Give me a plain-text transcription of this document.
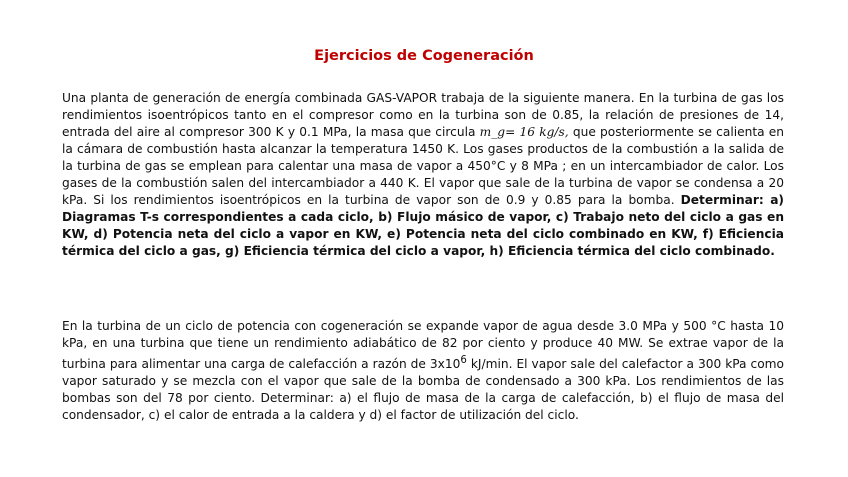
Ejercicios de Cogeneración
Una planta de generación de energía combinada GAS-VAPOR trabaja de la siguiente manera. En la turbina de gas los rendimientos isoentrópicos tanto en el compresor como en la turbina son de 0.85, la relación de presiones de 14, entrada del aire al compresor 300 K y 0.1 MPa, la masa que circula m_g= 16 kg/s, que posteriormente se calienta en la cámara de combustión hasta alcanzar la temperatura 1450 K. Los gases productos de la combustión a la salida de la turbina de gas se emplean para calentar una masa de vapor a 450°C y 8 MPa ; en un intercambiador de calor. Los gases de la combustión salen del intercambiador a 440 K. El vapor que sale de la turbina de vapor se condensa a 20 kPa. Si los rendimientos isoentrópicos en la turbina de vapor son de 0.9 y 0.85 para la bomba. Determinar: a) Diagramas T-s correspondientes a cada ciclo, b) Flujo másico de vapor, c) Trabajo neto del ciclo a gas en KW, d) Potencia neta del ciclo a vapor en KW, e) Potencia neta del ciclo combinado en KW, f) Eficiencia térmica del ciclo a gas, g) Eficiencia térmica del ciclo a vapor, h) Eficiencia térmica del ciclo combinado.
En la turbina de un ciclo de potencia con cogeneración se expande vapor de agua desde 3.0 MPa y 500 °C hasta 10 kPa, en una turbina que tiene un rendimiento adiabático de 82 por ciento y produce 40 MW. Se extrae vapor de la turbina para alimentar una carga de calefacción a razón de $3x10^6$ kJ/min. El vapor sale del calefactor a 300 kPa como vapor saturado y se mezcla con el vapor que sale de la bomba de condensado a 300 kPa. Los rendimientos de las bombas son del 78 por ciento. Determinar: a) el flujo de masa de la carga de calefacción, b) el flujo de masa del condensador, c) el calor de entrada a la caldera y d) el factor de utilización del ciclo.
